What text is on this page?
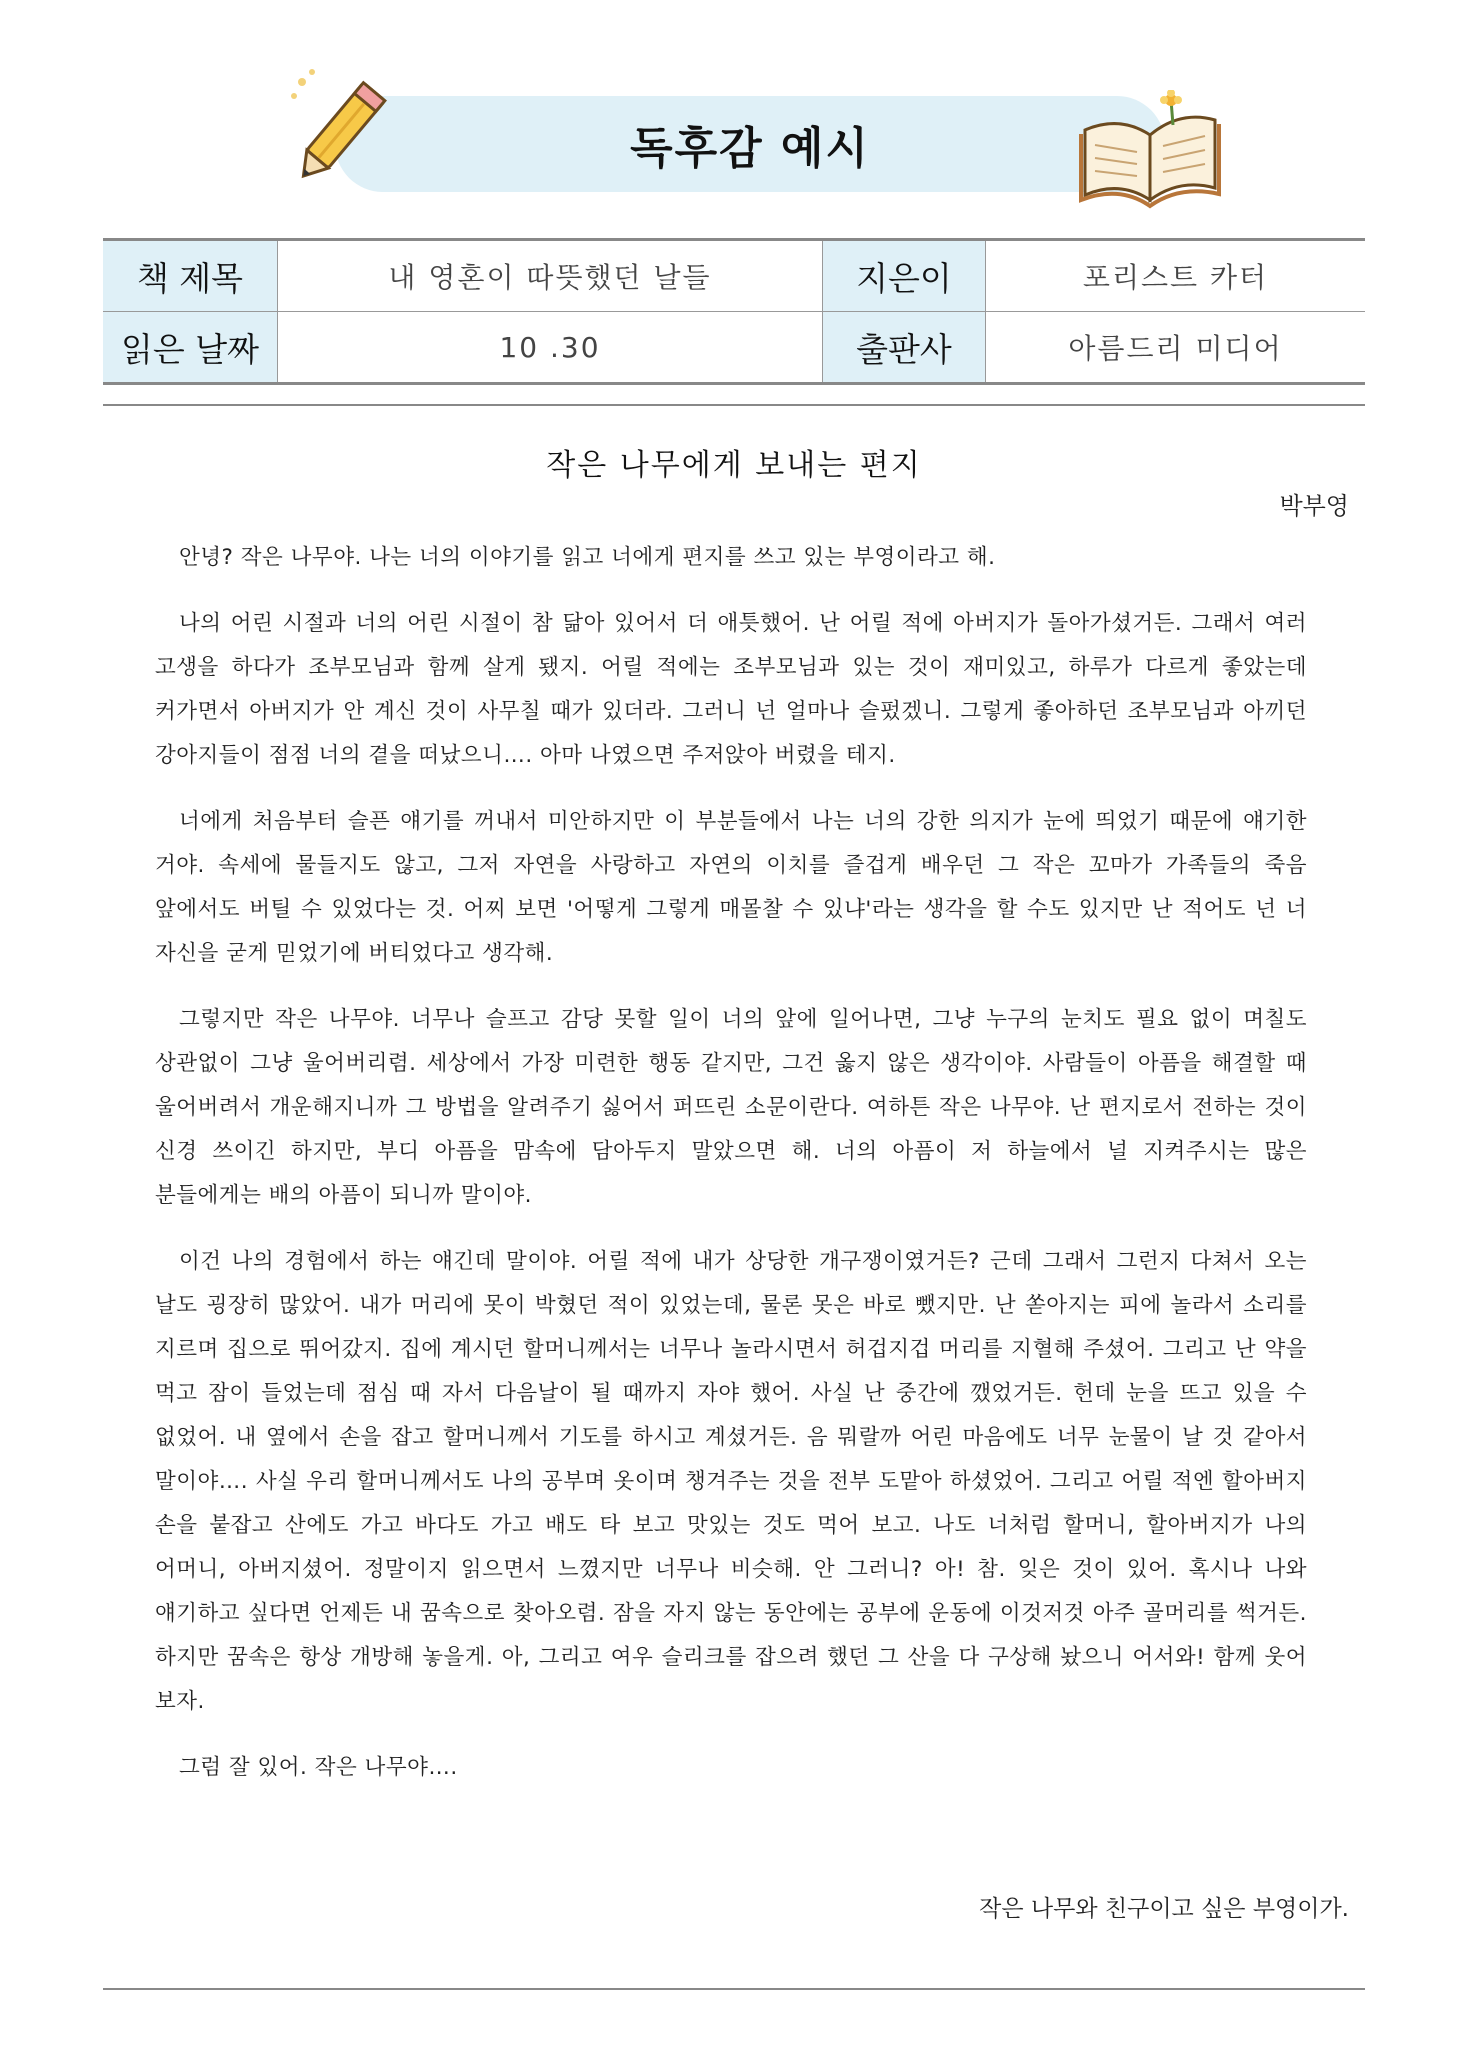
독후감 예시
책 제목	내 영혼이 따뜻했던 날들	지은이	포리스트 카터
읽은 날짜	10 .30	출판사	아름드리 미디어
작은 나무에게 보내는 편지
박부영

안녕? 작은 나무야. 나는 너의 이야기를 읽고 너에게 편지를 쓰고 있는 부영이라고 해.

나의 어린 시절과 너의 어린 시절이 참 닮아 있어서 더 애틋했어. 난 어릴 적에 아버지가 돌아가셨거든. 그래서 여러 고생을 하다가 조부모님과 함께 살게 됐지. 어릴 적에는 조부모님과 있는 것이 재미있고, 하루가 다르게 좋았는데 커가면서 아버지가 안 계신 것이 사무칠 때가 있더라. 그러니 넌 얼마나 슬펐겠니. 그렇게 좋아하던 조부모님과 아끼던 강아지들이 점점 너의 곁을 떠났으니…. 아마 나였으면 주저앉아 버렸을 테지.

너에게 처음부터 슬픈 얘기를 꺼내서 미안하지만 이 부분들에서 나는 너의 강한 의지가 눈에 띄었기 때문에 얘기한 거야. 속세에 물들지도 않고, 그저 자연을 사랑하고 자연의 이치를 즐겁게 배우던 그 작은 꼬마가 가족들의 죽음 앞에서도 버틸 수 있었다는 것. 어찌 보면 '어떻게 그렇게 매몰찰 수 있냐'라는 생각을 할 수도 있지만 난 적어도 넌 너 자신을 굳게 믿었기에 버티었다고 생각해.

그렇지만 작은 나무야. 너무나 슬프고 감당 못할 일이 너의 앞에 일어나면, 그냥 누구의 눈치도 필요 없이 며칠도 상관없이 그냥 울어버리렴. 세상에서 가장 미련한 행동 같지만, 그건 옳지 않은 생각이야. 사람들이 아픔을 해결할 때 울어버려서 개운해지니까 그 방법을 알려주기 싫어서 퍼뜨린 소문이란다. 여하튼 작은 나무야. 난 편지로서 전하는 것이 신경 쓰이긴 하지만, 부디 아픔을 맘속에 담아두지 말았으면 해. 너의 아픔이 저 하늘에서 널 지켜주시는 많은 분들에게는 배의 아픔이 되니까 말이야.

이건 나의 경험에서 하는 얘긴데 말이야. 어릴 적에 내가 상당한 개구쟁이였거든? 근데 그래서 그런지 다쳐서 오는 날도 굉장히 많았어. 내가 머리에 못이 박혔던 적이 있었는데, 물론 못은 바로 뺐지만. 난 쏟아지는 피에 놀라서 소리를 지르며 집으로 뛰어갔지. 집에 계시던 할머니께서는 너무나 놀라시면서 허겁지겁 머리를 지혈해 주셨어. 그리고 난 약을 먹고 잠이 들었는데 점심 때 자서 다음날이 될 때까지 자야 했어. 사실 난 중간에 깼었거든. 헌데 눈을 뜨고 있을 수 없었어. 내 옆에서 손을 잡고 할머니께서 기도를 하시고 계셨거든. 음 뭐랄까 어린 마음에도 너무 눈물이 날 것 같아서 말이야…. 사실 우리 할머니께서도 나의 공부며 옷이며 챙겨주는 것을 전부 도맡아 하셨었어. 그리고 어릴 적엔 할아버지 손을 붙잡고 산에도 가고 바다도 가고 배도 타 보고 맛있는 것도 먹어 보고. 나도 너처럼 할머니, 할아버지가 나의 어머니, 아버지셨어. 정말이지 읽으면서 느꼈지만 너무나 비슷해. 안 그러니? 아! 참. 잊은 것이 있어. 혹시나 나와 얘기하고 싶다면 언제든 내 꿈속으로 찾아오렴. 잠을 자지 않는 동안에는 공부에 운동에 이것저것 아주 골머리를 썩거든. 하지만 꿈속은 항상 개방해 놓을게. 아, 그리고 여우 슬리크를 잡으려 했던 그 산을 다 구상해 놨으니 어서와! 함께 웃어 보자.

그럼 잘 있어. 작은 나무야….

작은 나무와 친구이고 싶은 부영이가.
